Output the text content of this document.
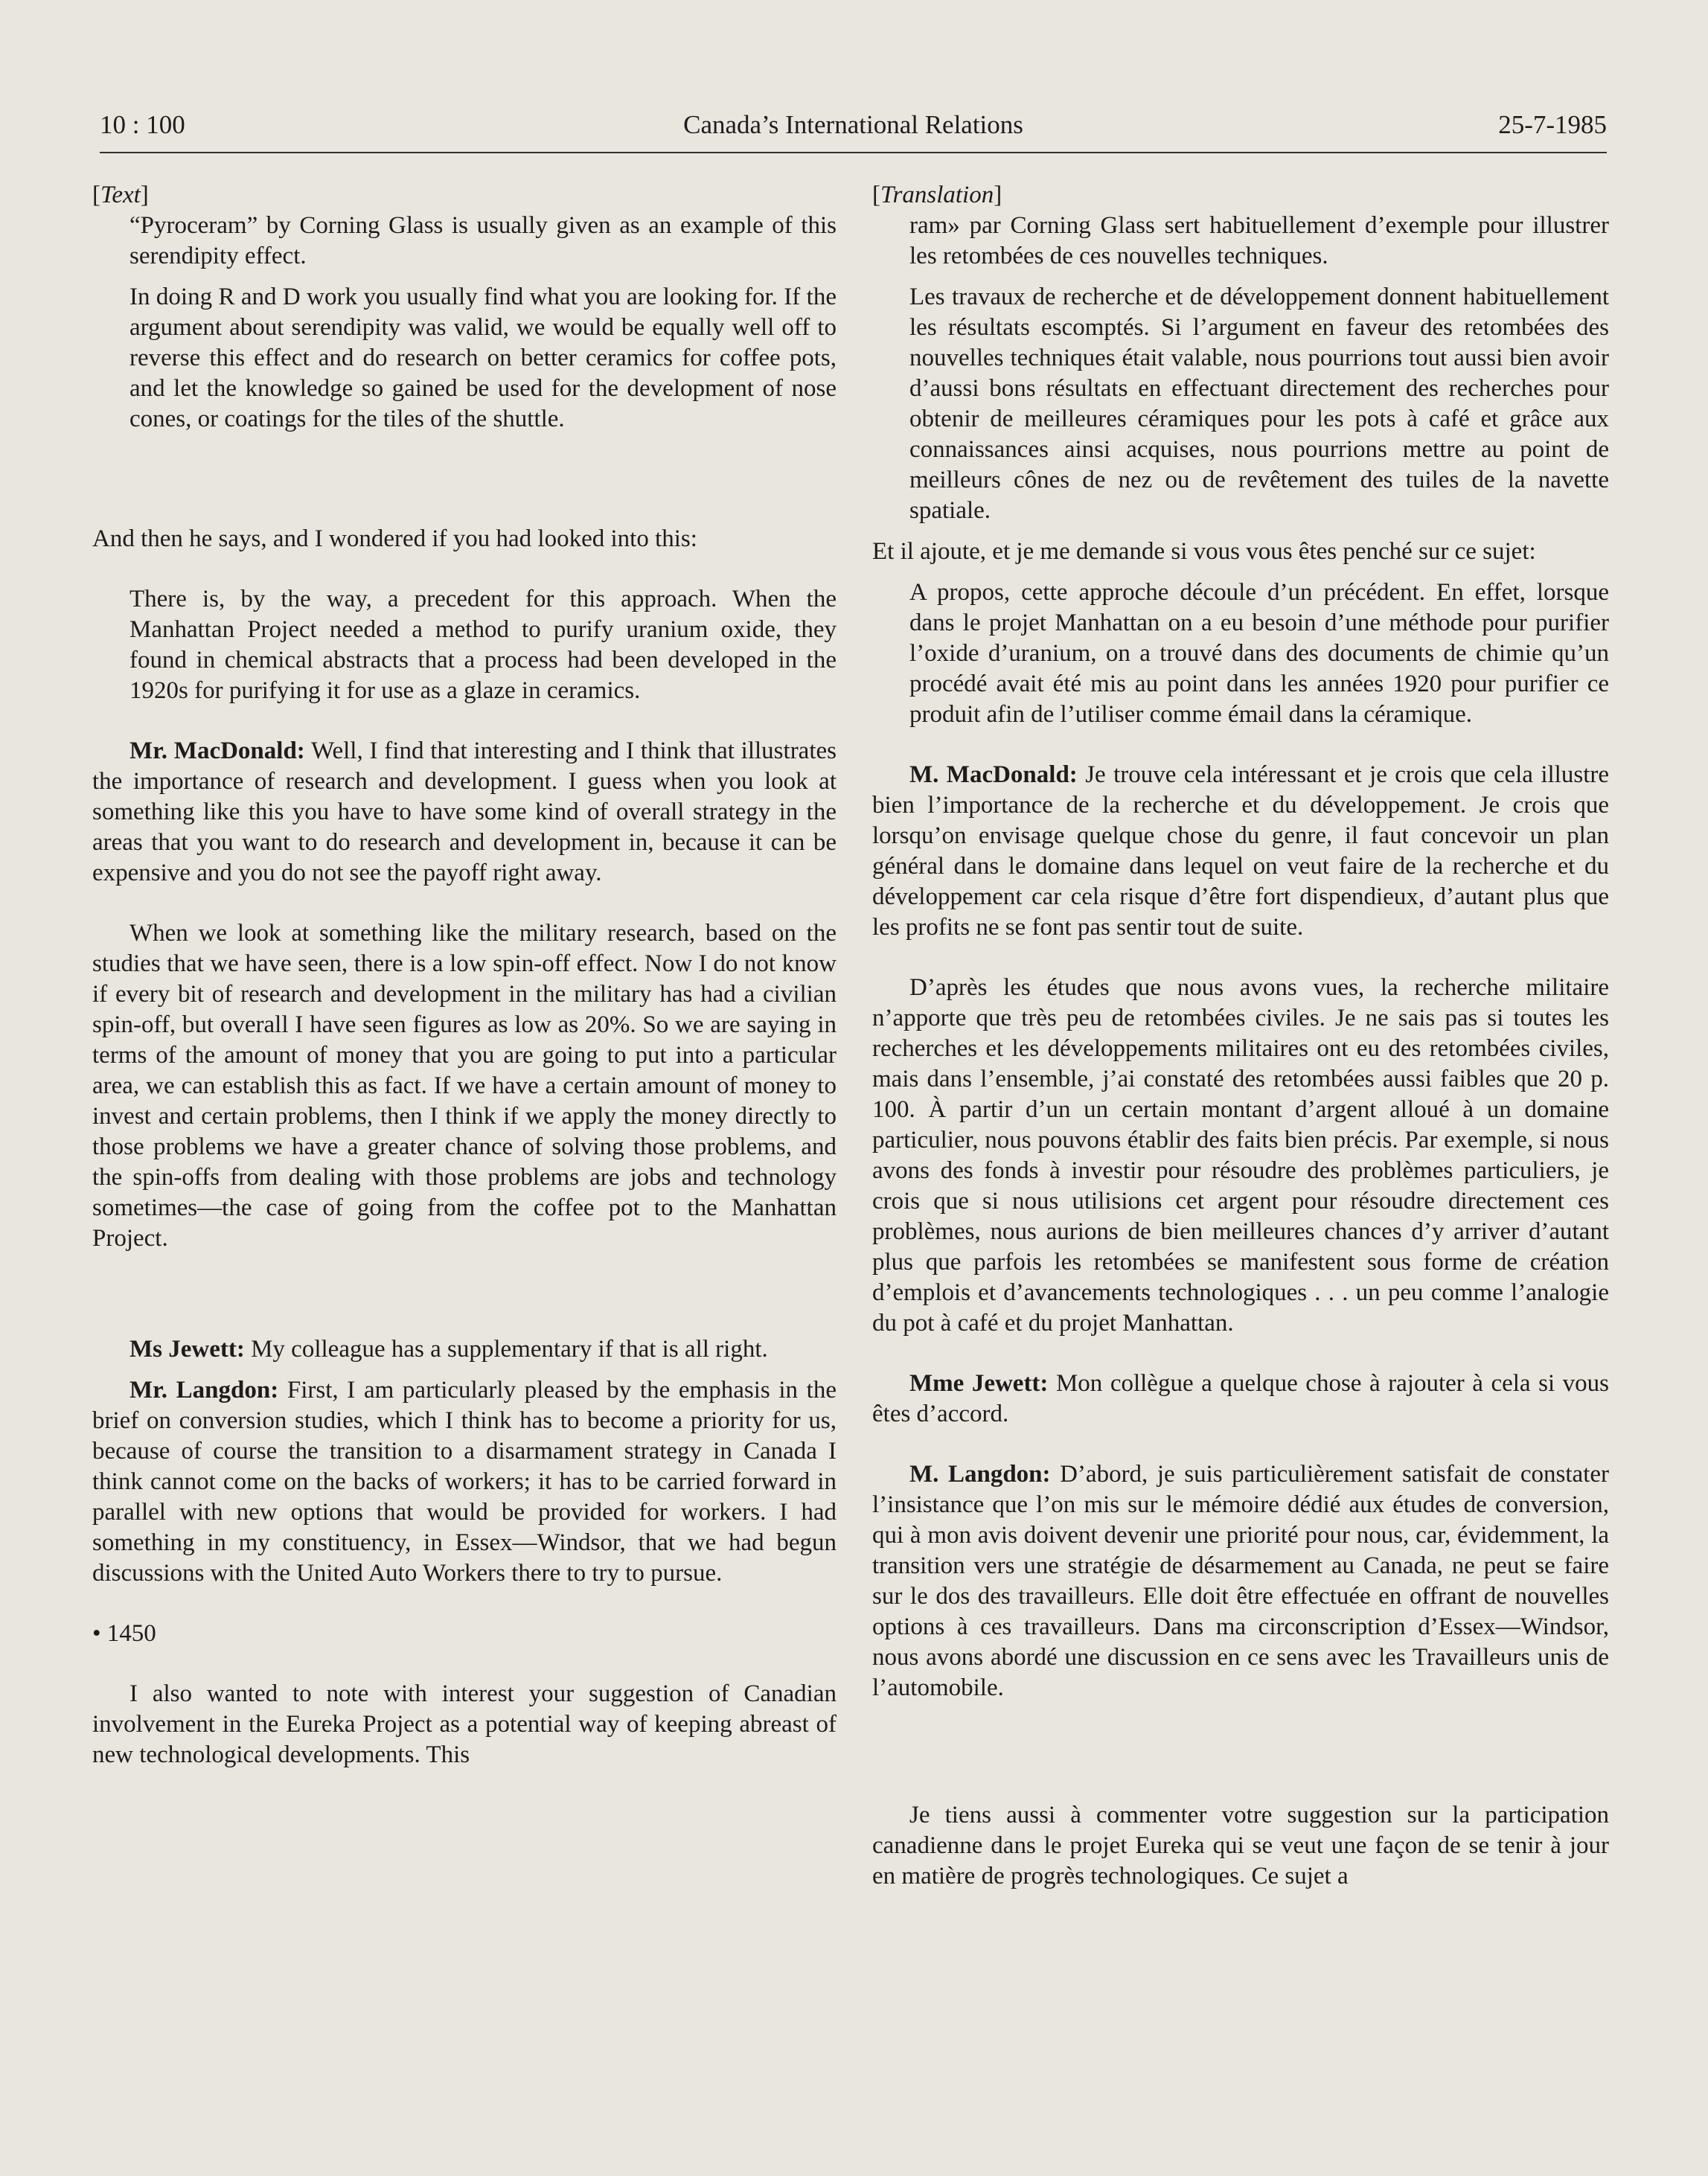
10 : 100	Canada’s International Relations	25-7-1985

[Text]

“Pyroceram” by Corning Glass is usually given as an example of this serendipity effect.

In doing R and D work you usually find what you are looking for. If the argument about serendipity was valid, we would be equally well off to reverse this effect and do research on better ceramics for coffee pots, and let the knowledge so gained be used for the development of nose cones, or coatings for the tiles of the shuttle.

And then he says, and I wondered if you had looked into this:

There is, by the way, a precedent for this approach. When the Manhattan Project needed a method to purify uranium oxide, they found in chemical abstracts that a process had been developed in the 1920s for purifying it for use as a glaze in ceramics.

Mr. MacDonald: Well, I find that interesting and I think that illustrates the importance of research and development. I guess when you look at something like this you have to have some kind of overall strategy in the areas that you want to do research and development in, because it can be expensive and you do not see the payoff right away.

When we look at something like the military research, based on the studies that we have seen, there is a low spin-off effect. Now I do not know if every bit of research and development in the military has had a civilian spin-off, but overall I have seen figures as low as 20%. So we are saying in terms of the amount of money that you are going to put into a particular area, we can establish this as fact. If we have a certain amount of money to invest and certain problems, then I think if we apply the money directly to those problems we have a greater chance of solving those problems, and the spin-offs from dealing with those problems are jobs and technology sometimes—the case of going from the coffee pot to the Manhattan Project.

Ms Jewett: My colleague has a supplementary if that is all right.

Mr. Langdon: First, I am particularly pleased by the emphasis in the brief on conversion studies, which I think has to become a priority for us, because of course the transition to a disarmament strategy in Canada I think cannot come on the backs of workers; it has to be carried forward in parallel with new options that would be provided for workers. I had something in my constituency, in Essex—Windsor, that we had begun discussions with the United Auto Workers there to try to pursue.

• 1450

I also wanted to note with interest your suggestion of Canadian involvement in the Eureka Project as a potential way of keeping abreast of new technological developments. This

[Translation]

ram» par Corning Glass sert habituellement d’exemple pour illustrer les retombées de ces nouvelles techniques.

Les travaux de recherche et de développement donnent habituellement les résultats escomptés. Si l’argument en faveur des retombées des nouvelles techniques était valable, nous pourrions tout aussi bien avoir d’aussi bons résultats en effectuant directement des recherches pour obtenir de meilleures céramiques pour les pots à café et grâce aux connaissances ainsi acquises, nous pourrions mettre au point de meilleurs cônes de nez ou de revêtement des tuiles de la navette spatiale.

Et il ajoute, et je me demande si vous vous êtes penché sur ce sujet:

A propos, cette approche découle d’un précédent. En effet, lorsque dans le projet Manhattan on a eu besoin d’une méthode pour purifier l’oxide d’uranium, on a trouvé dans des documents de chimie qu’un procédé avait été mis au point dans les années 1920 pour purifier ce produit afin de l’utiliser comme émail dans la céramique.

M. MacDonald: Je trouve cela intéressant et je crois que cela illustre bien l’importance de la recherche et du développement. Je crois que lorsqu’on envisage quelque chose du genre, il faut concevoir un plan général dans le domaine dans lequel on veut faire de la recherche et du développement car cela risque d’être fort dispendieux, d’autant plus que les profits ne se font pas sentir tout de suite.

D’après les études que nous avons vues, la recherche militaire n’apporte que très peu de retombées civiles. Je ne sais pas si toutes les recherches et les développements militaires ont eu des retombées civiles, mais dans l’ensemble, j’ai constaté des retombées aussi faibles que 20 p. 100. À partir d’un un certain montant d’argent alloué à un domaine particulier, nous pouvons établir des faits bien précis. Par exemple, si nous avons des fonds à investir pour résoudre des problèmes particuliers, je crois que si nous utilisions cet argent pour résoudre directement ces problèmes, nous aurions de bien meilleures chances d’y arriver d’autant plus que parfois les retombées se manifestent sous forme de création d’emplois et d’avancements technologiques . . . un peu comme l’analogie du pot à café et du projet Manhattan.

Mme Jewett: Mon collègue a quelque chose à rajouter à cela si vous êtes d’accord.

M. Langdon: D’abord, je suis particulièrement satisfait de constater l’insistance que l’on mis sur le mémoire dédié aux études de conversion, qui à mon avis doivent devenir une priorité pour nous, car, évidemment, la transition vers une stratégie de désarmement au Canada, ne peut se faire sur le dos des travailleurs. Elle doit être effectuée en offrant de nouvelles options à ces travailleurs. Dans ma circonscription d’Essex—Windsor, nous avons abordé une discussion en ce sens avec les Travailleurs unis de l’automobile.

Je tiens aussi à commenter votre suggestion sur la participation canadienne dans le projet Eureka qui se veut une façon de se tenir à jour en matière de progrès technologiques. Ce sujet a
